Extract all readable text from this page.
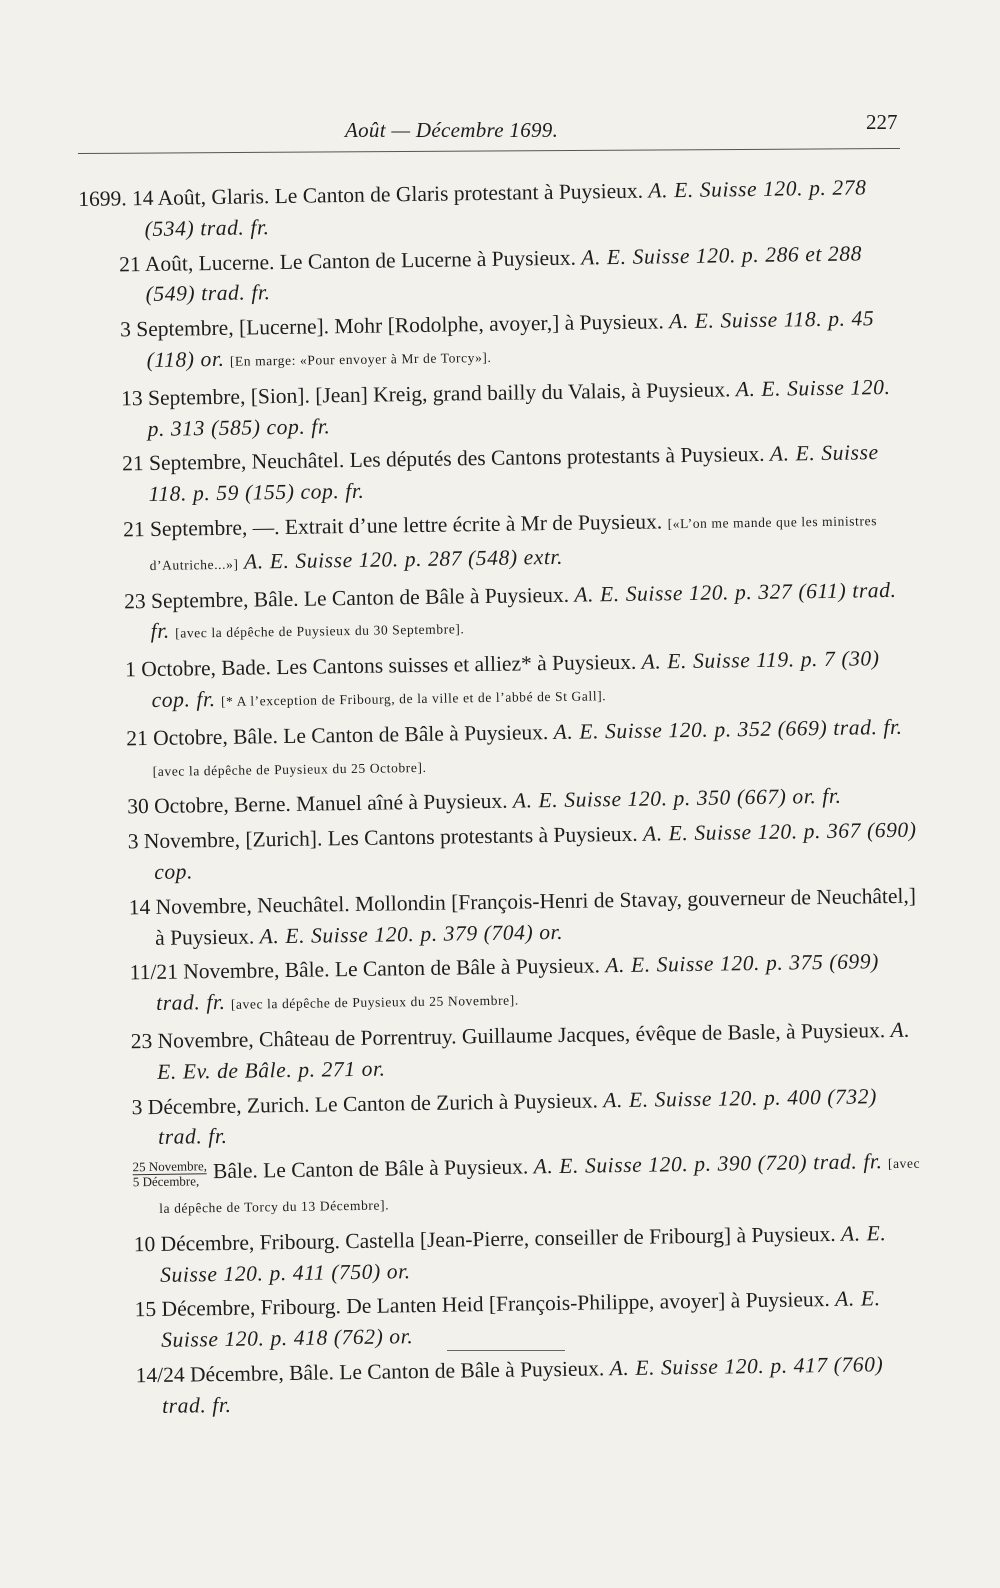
Août — Décembre 1699.	227

1699. 14 Août, Glaris. Le Canton de Glaris protestant à Puysieux. A. E. Suisse 120. p. 278 (534) trad. fr.

21 Août, Lucerne. Le Canton de Lucerne à Puysieux. A. E. Suisse 120. p. 286 et 288 (549) trad. fr.

3 Septembre, [Lucerne]. Mohr [Rodolphe, avoyer,] à Puysieux. A. E. Suisse 118. p. 45 (118) or. [En marge: «Pour envoyer à Mr de Torcy»].

13 Septembre, [Sion]. [Jean] Kreig, grand bailly du Valais, à Puysieux. A. E. Suisse 120. p. 313 (585) cop. fr.

21 Septembre, Neuchâtel. Les députés des Cantons protestants à Puysieux. A. E. Suisse 118. p. 59 (155) cop. fr.

21 Septembre, —. Extrait d’une lettre écrite à Mr de Puysieux. [«L’on me mande que les ministres d’Autriche...»] A. E. Suisse 120. p. 287 (548) extr.

23 Septembre, Bâle. Le Canton de Bâle à Puysieux. A. E. Suisse 120. p. 327 (611) trad. fr. [avec la dépêche de Puysieux du 30 Septembre].

1 Octobre, Bade. Les Cantons suisses et alliez* à Puysieux. A. E. Suisse 119. p. 7 (30) cop. fr. [* A l’exception de Fribourg, de la ville et de l’abbé de St Gall].

21 Octobre, Bâle. Le Canton de Bâle à Puysieux. A. E. Suisse 120. p. 352 (669) trad. fr. [avec la dépêche de Puysieux du 25 Octobre].

30 Octobre, Berne. Manuel aîné à Puysieux. A. E. Suisse 120. p. 350 (667) or. fr.

3 Novembre, [Zurich]. Les Cantons protestants à Puysieux. A. E. Suisse 120. p. 367 (690) cop.

14 Novembre, Neuchâtel. Mollondin [François-Henri de Stavay, gouverneur de Neuchâtel,] à Puysieux. A. E. Suisse 120. p. 379 (704) or.

11/21 Novembre, Bâle. Le Canton de Bâle à Puysieux. A. E. Suisse 120. p. 375 (699) trad. fr. [avec la dépêche de Puysieux du 25 Novembre].

23 Novembre, Château de Porrentruy. Guillaume Jacques, évêque de Basle, à Puysieux. A. E. Ev. de Bâle. p. 271 or.

3 Décembre, Zurich. Le Canton de Zurich à Puysieux. A. E. Suisse 120. p. 400 (732) trad. fr.

$\frac{\text{25 Novembre,}}{\text{5 Décembre,}}$ Bâle. Le Canton de Bâle à Puysieux. A. E. Suisse 120. p. 390 (720) trad. fr. [avec la dépêche de Torcy du 13 Décembre].

10 Décembre, Fribourg. Castella [Jean-Pierre, conseiller de Fribourg] à Puysieux. A. E. Suisse 120. p. 411 (750) or.

15 Décembre, Fribourg. De Lanten Heid [François-Philippe, avoyer] à Puysieux. A. E. Suisse 120. p. 418 (762) or.

14/24 Décembre, Bâle. Le Canton de Bâle à Puysieux. A. E. Suisse 120. p. 417 (760) trad. fr.
